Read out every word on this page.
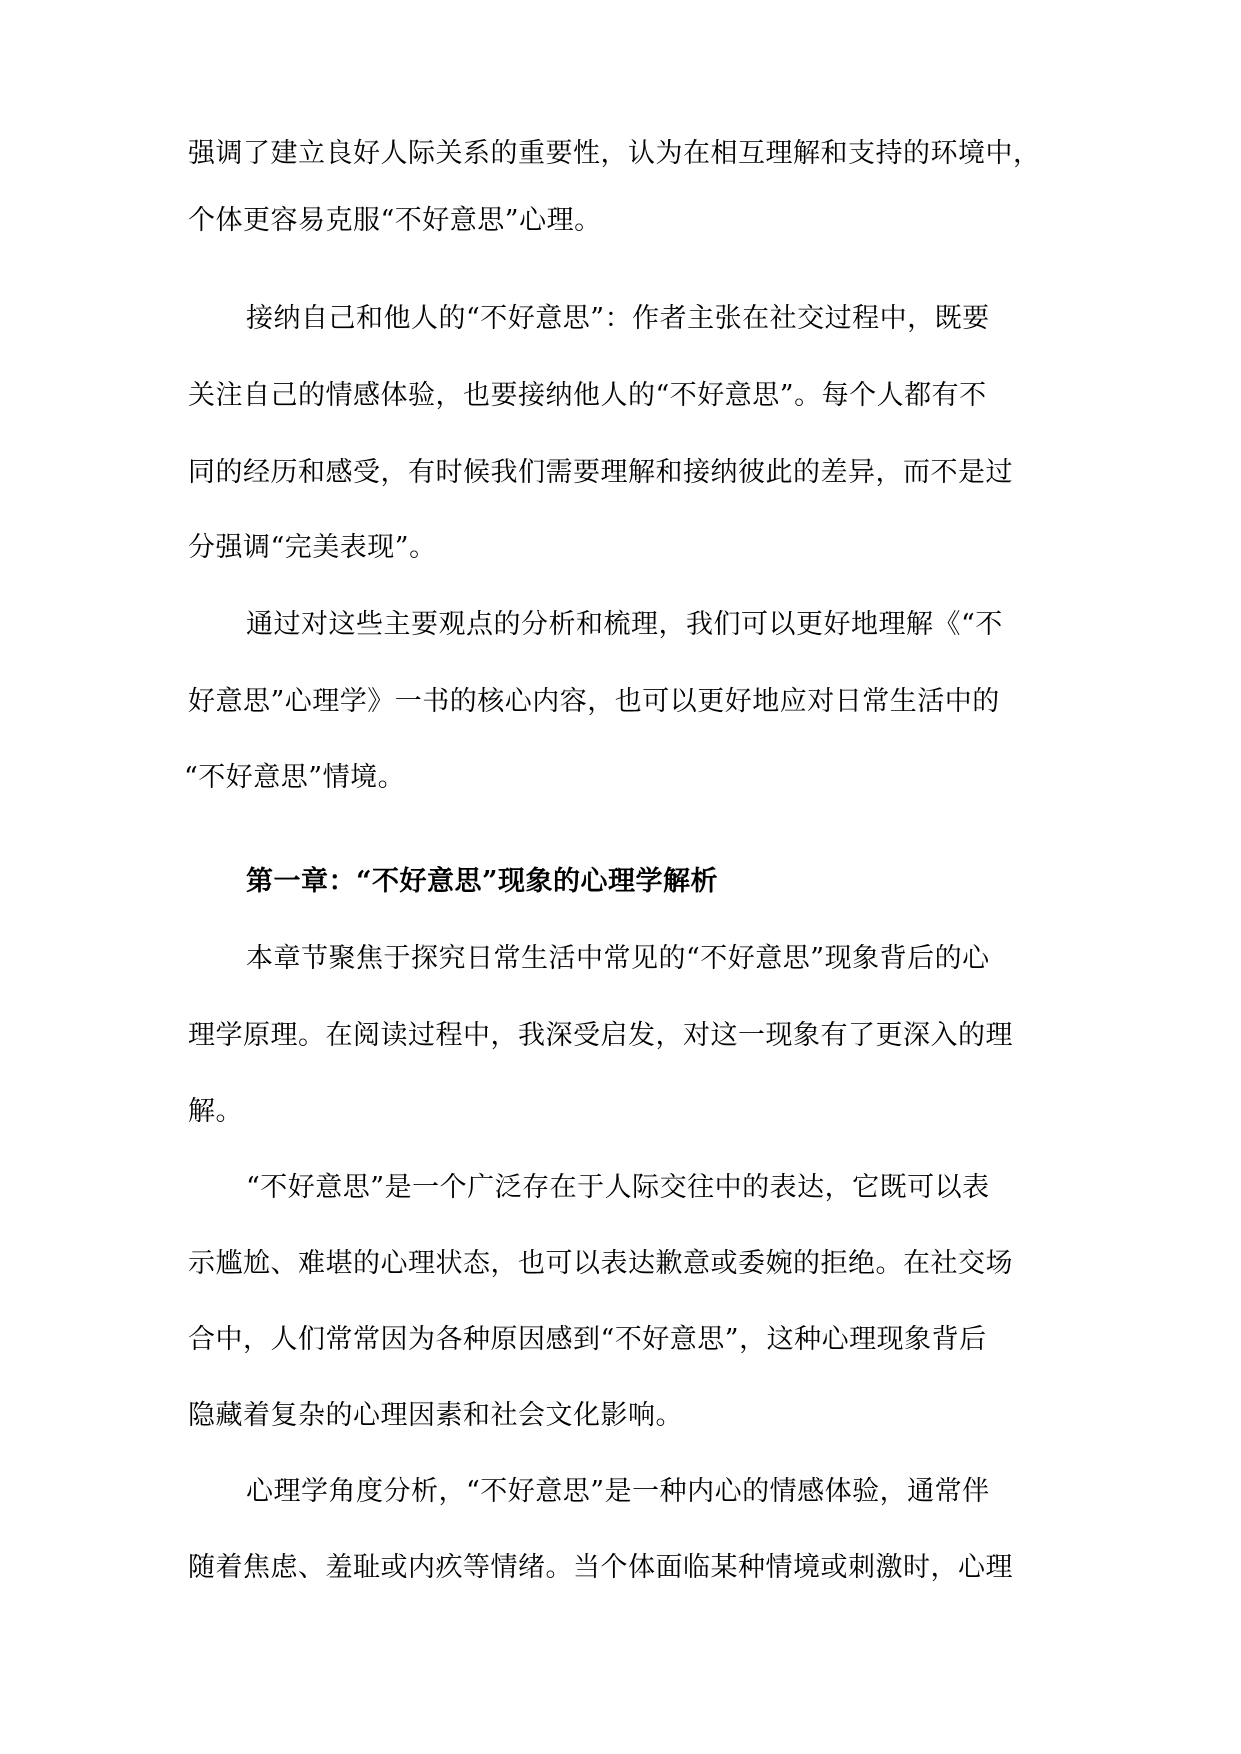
强调了建立良好人际关系的重要性，认为在相互理解和支持的环境中，
个体更容易克服“不好意思”心理。
接纳自己和他人的“不好意思”：作者主张在社交过程中，既要
关注自己的情感体验，也要接纳他人的“不好意思”。每个人都有不
同的经历和感受，有时候我们需要理解和接纳彼此的差异，而不是过
分强调“完美表现”。
通过对这些主要观点的分析和梳理，我们可以更好地理解《“不
好意思”心理学》一书的核心内容，也可以更好地应对日常生活中的
“不好意思”情境。
第一章：“不好意思”现象的心理学解析
本章节聚焦于探究日常生活中常见的“不好意思”现象背后的心
理学原理。在阅读过程中，我深受启发，对这一现象有了更深入的理
解。
“不好意思”是一个广泛存在于人际交往中的表达，它既可以表
示尴尬、难堪的心理状态，也可以表达歉意或委婉的拒绝。在社交场
合中，人们常常因为各种原因感到“不好意思”，这种心理现象背后
隐藏着复杂的心理因素和社会文化影响。
心理学角度分析，“不好意思”是一种内心的情感体验，通常伴
随着焦虑、羞耻或内疚等情绪。当个体面临某种情境或刺激时，心理
